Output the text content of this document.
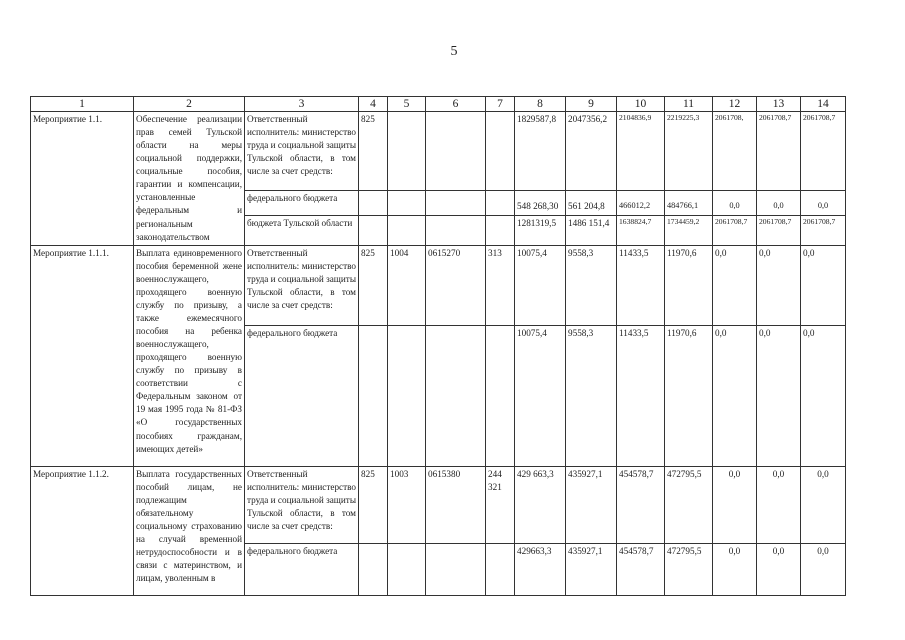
5
1	2	3	4	5	6	7	8	9	10	11	12	13	14
Мероприятие 1.1.	Обеспечение реализации прав семей Тульской области на меры социальной поддержки, социальные пособия, гарантии и компенсации, установленные федеральным и региональным законодательством	Ответственный исполнитель: министерство труда и социальной защиты Тульской области, в том числе за счет средств:	825				1829587,8	2047356,2	2104836,9	2219225,3	2061708,	2061708,7	2061708,7
		федерального бюджета					548 268,30	561 204,8	466012,2	484766,1	0,0	0,0	0,0
		бюджета Тульской области					1281319,5	1486 151,4	1638824,7	1734459,2	2061708,7	2061708,7	2061708,7
Мероприятие 1.1.1.	Выплата единовременного пособия беременной жене военнослужащего, проходящего военную службу по призыву, а также ежемесячного пособия на ребенка военнослужащего, проходящего военную службу по призыву в соответствии с Федеральным законом от 19 мая 1995 года № 81-ФЗ «О государственных пособиях гражданам, имеющих детей»	Ответственный исполнитель: министерство труда и социальной защиты Тульской области, в том числе за счет средств:	825	1004	0615270	313	10075,4	9558,3	11433,5	11970,6	0,0	0,0	0,0
		федерального бюджета					10075,4	9558,3	11433,5	11970,6	0,0	0,0	0,0
Мероприятие 1.1.2.	Выплата государственных пособий лицам, не подлежащим обязательному социальному страхованию на случай временной нетрудоспособности и в связи с материнством, и лицам, уволенным в	Ответственный исполнитель: министерство труда и социальной защиты Тульской области, в том числе за счет средств:	825	1003	0615380	244 321	429 663,3	435927,1	454578,7	472795,5	0,0	0,0	0,0
		федерального бюджета					429663,3	435927,1	454578,7	472795,5	0,0	0,0	0,0
